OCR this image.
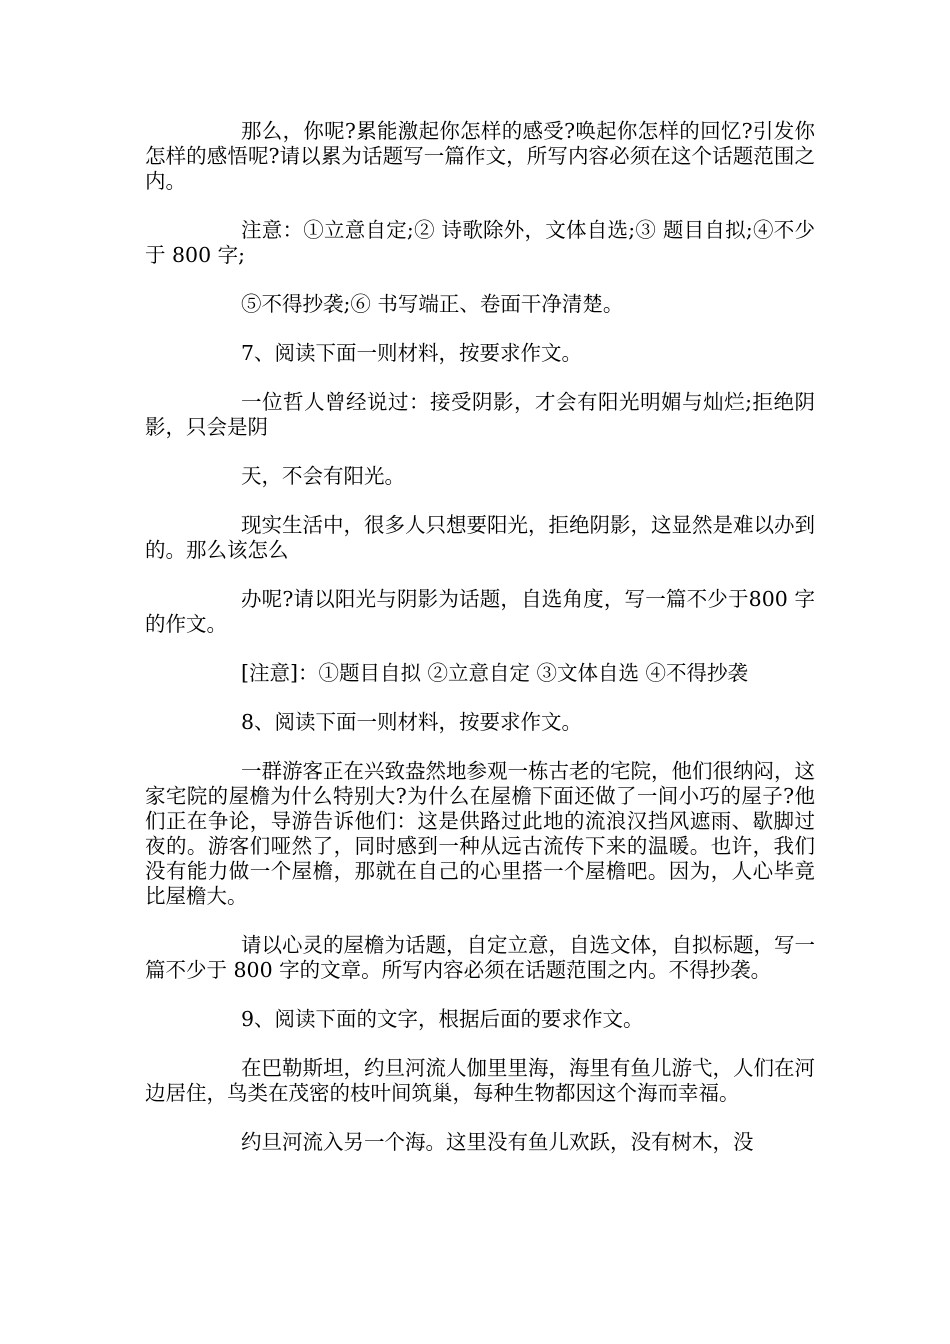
那么，你呢?累能激起你怎样的感受?唤起你怎样的回忆?引发你怎样的感悟呢?请以累为话题写一篇作文，所写内容必须在这个话题范围之内。

注意：①立意自定;② 诗歌除外，文体自选;③ 题目自拟;④不少于 800 字;

⑤不得抄袭;⑥ 书写端正、卷面干净清楚。

7、阅读下面一则材料，按要求作文。

一位哲人曾经说过：接受阴影，才会有阳光明媚与灿烂;拒绝阴影，只会是阴

天，不会有阳光。

现实生活中，很多人只想要阳光，拒绝阴影，这显然是难以办到的。那么该怎么

办呢?请以阳光与阴影为话题，自选角度，写一篇不少于800 字的作文。

[注意]：①题目自拟 ②立意自定 ③文体自选 ④不得抄袭

8、阅读下面一则材料，按要求作文。

一群游客正在兴致盎然地参观一栋古老的宅院，他们很纳闷，这家宅院的屋檐为什么特别大?为什么在屋檐下面还做了一间小巧的屋子?他们正在争论，导游告诉他们：这是供路过此地的流浪汉挡风遮雨、歇脚过夜的。游客们哑然了，同时感到一种从远古流传下来的温暖。也许，我们没有能力做一个屋檐，那就在自己的心里搭一个屋檐吧。因为，人心毕竟比屋檐大。

请以心灵的屋檐为话题，自定立意，自选文体，自拟标题，写一篇不少于 800 字的文章。所写内容必须在话题范围之内。不得抄袭。

9、阅读下面的文字，根据后面的要求作文。

在巴勒斯坦，约旦河流人伽里里海，海里有鱼儿游弋，人们在河边居住，鸟类在茂密的枝叶间筑巢，每种生物都因这个海而幸福。

约旦河流入另一个海。这里没有鱼儿欢跃，没有树木，没
